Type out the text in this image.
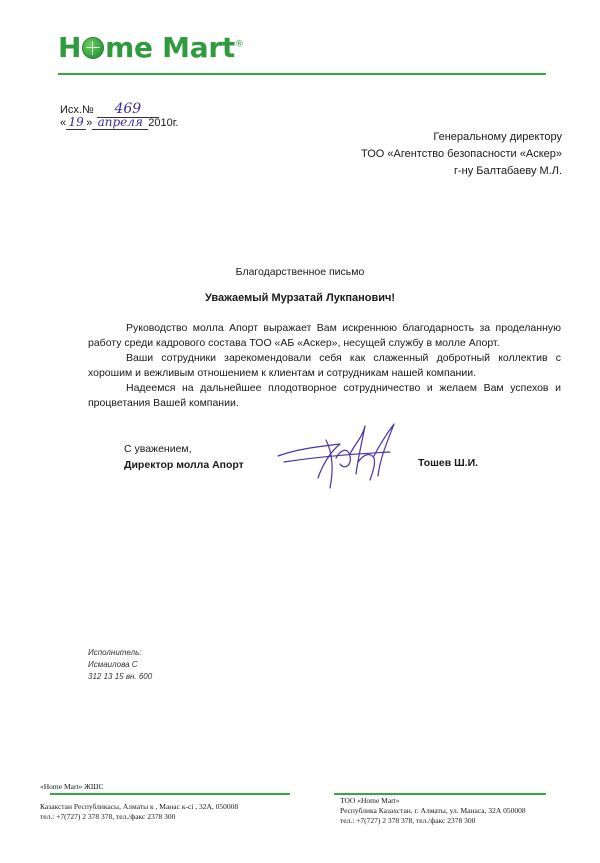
H me Mart®
Исх.№ 469
« 19 » апреля 2010г.
Генеральному директору
ТОО «Агентство безопасности «Аскер»
г-ну Балтабаеву М.Л.
Благодарственное письмо
Уважаемый Мурзатай Лукпанович!

Руководство молла Апорт выражает Вам искреннюю благодарность за проделанную работу среди кадрового состава ТОО «АБ «Аскер», несущей службу в молле Апорт.

Ваши сотрудники зарекомендовали себя как слаженный добротный коллектив с хорошим и вежливым отношением к клиентам и сотрудникам нашей компании.

Надеемся на дальнейшее плодотворное сотрудничество и желаем Вам успехов и процветания Вашей компании.

С уважением,
Директор молла Апорт	Тошев Ш.И.
Исполнитель:
Исмаилова С
312 13 15 вн. 600
«Home Mart» ЖШС
Казакстан Республикасы, Алматы к , Манас к-сі , 32А, 050008
тел.: +7(727) 2 378 378, тел./факс 2378 300
ТОО «Home Mart»
Республика Казахстан, г. Алматы, ул. Манаса, 32А 050008
тел.: +7(727) 2 378 378, тел./факс 2378 300
